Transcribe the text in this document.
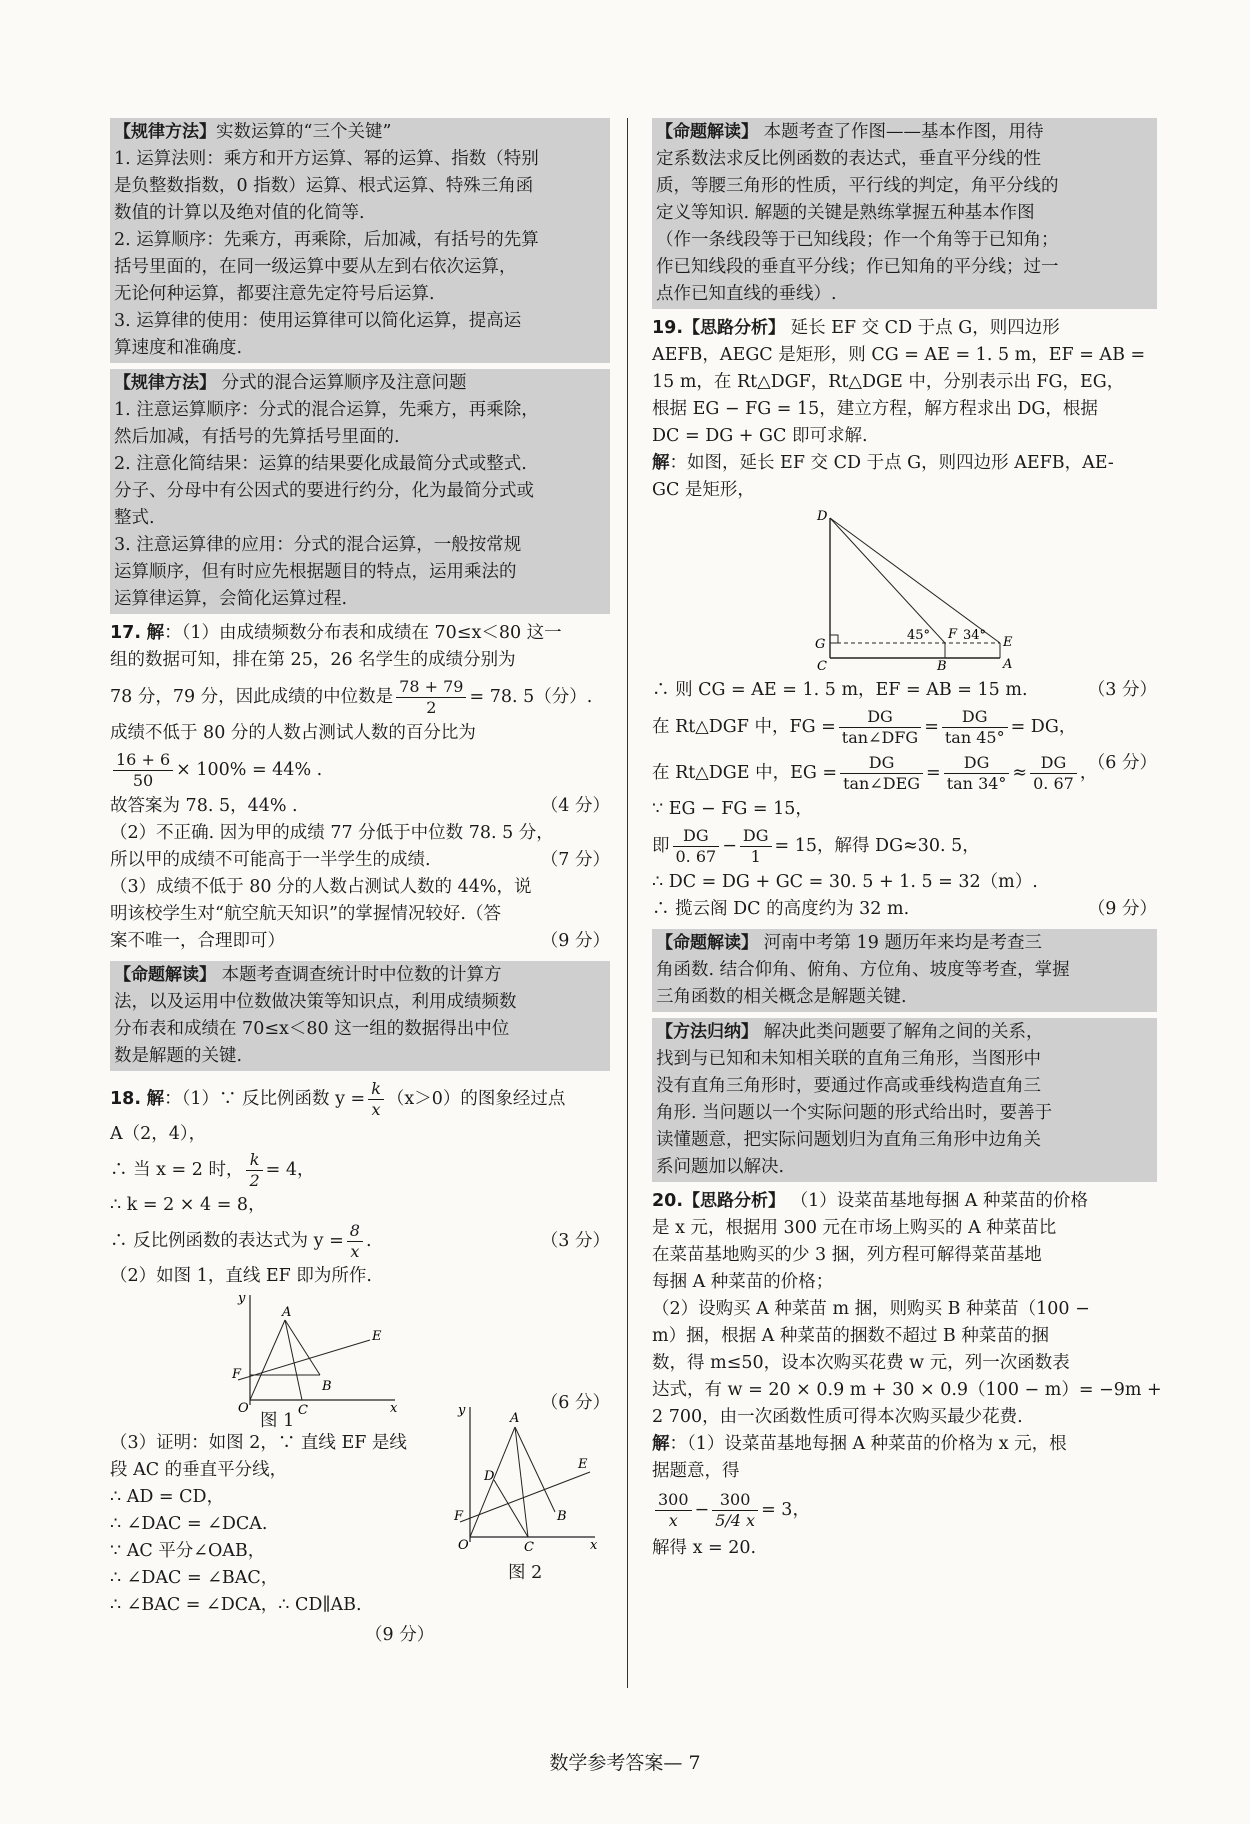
【规律方法】实数运算的“三个关键”
1. 运算法则：乘方和开方运算、幂的运算、指数（特别
是负整数指数，0 指数）运算、根式运算、特殊三角函
数值的计算以及绝对值的化简等.
2. 运算顺序：先乘方，再乘除，后加减，有括号的先算
括号里面的，在同一级运算中要从左到右依次运算，
无论何种运算，都要注意先定符号后运算.
3. 运算律的使用：使用运算律可以简化运算，提高运
算速度和准确度.
【规律方法】 分式的混合运算顺序及注意问题
1. 注意运算顺序：分式的混合运算，先乘方，再乘除，
然后加减，有括号的先算括号里面的.
2. 注意化简结果：运算的结果要化成最简分式或整式.
分子、分母中有公因式的要进行约分，化为最简分式或
整式.
3. 注意运算律的应用：分式的混合运算，一般按常规
运算顺序，但有时应先根据题目的特点，运用乘法的
运算律运算，会简化运算过程.
17. 解：（1）由成绩频数分布表和成绩在 70≤x＜80 这一
组的数据可知，排在第 25，26 名学生的成绩分别为
78 分，79 分，因此成绩的中位数是 $\frac{78 + 79}{2} = 78$. 5（分）.
成绩不低于 80 分的人数占测试人数的百分比为
$\frac{16 + 6}{50} \times 100\% = 44\%$ .
故答案为 78. 5，44% .	（4 分）
（2）不正确. 因为甲的成绩 77 分低于中位数 78. 5 分，
所以甲的成绩不可能高于一半学生的成绩.	（7 分）
（3）成绩不低于 80 分的人数占测试人数的 44%，说
明该校学生对“航空航天知识”的掌握情况较好.（答
案不唯一，合理即可）	（9 分）
【命题解读】 本题考查调查统计时中位数的计算方
法，以及运用中位数做决策等知识点，利用成绩频数
分布表和成绩在 70≤x＜80 这一组的数据得出中位
数是解题的关键.
18. 解：（1）∵ 反比例函数 $y = \frac{k}{x} (x>0)$的图象经过点
A（2，4），
∴ 当 x = 2 时， $\frac{k}{2} = 4$，
∴ k = 2 × 4 = 8，
∴ 反比例函数的表达式为 $y = \frac{8}{x}$ .	（3 分）
（2）如图 1，直线 EF 即为所作.
y
x
O
A
B
C
F
E
图 1
（6 分）
（3）证明：如图 2，∵ 直线 EF 是线
段 AC 的垂直平分线，
∴ AD = CD，
∴ ∠DAC = ∠DCA.
∵ AC 平分∠OAB，
∴ ∠DAC = ∠BAC，
∴ ∠BAC = ∠DCA，∴ CD∥AB.
y
x
O
A
B
C
D
F
E
图 2
（9 分）
【命题解读】 本题考查了作图——基本作图，用待
定系数法求反比例函数的表达式，垂直平分线的性
质，等腰三角形的性质，平行线的判定，角平分线的
定义等知识. 解题的关键是熟练掌握五种基本作图
（作一条线段等于已知线段；作一个角等于已知角；
作已知线段的垂直平分线；作已知角的平分线；过一
点作已知直线的垂线）.
19.【思路分析】 延长 EF 交 CD 于点 G，则四边形
AEFB，AEGC 是矩形，则 CG = AE = 1. 5 m，EF = AB =
15 m，在 Rt△DGF，Rt△DGE 中，分别表示出 FG，EG，
根据 EG − FG = 15，建立方程，解方程求出 DG，根据
DC = DG + GC 即可求解.
解：如图，延长 EF 交 CD 于点 G，则四边形 AEFB，AE-
GC 是矩形，
D
G
C
F
B
E
A
45°	34°
∴ 则 CG = AE = 1. 5 m，EF = AB = 15 m.	（3 分）
在 Rt△DGF 中，FG = $\frac{DG}{\text{tan∠DFG}} = \frac{DG}{\tan 45^\circ}$ = DG，
（6 分）
在 Rt△DGE 中，EG = $\frac{DG}{\text{tan∠DEG}} = \frac{DG}{\tan 34^\circ} \approx \frac{DG}{0. 67}$ ，
∵ EG − FG = 15，
即 $\frac{DG}{0. 67} - \frac{DG}{1} = 15$，解得 DG≈30. 5，
∴ DC = DG + GC = 30. 5 + 1. 5 = 32（m）.
∴ 揽云阁 DC 的高度约为 32 m.	（9 分）
【命题解读】 河南中考第 19 题历年来均是考查三
角函数. 结合仰角、俯角、方位角、坡度等考查，掌握
三角函数的相关概念是解题关键.
【方法归纳】 解决此类问题要了解角之间的关系，
找到与已知和未知相关联的直角三角形，当图形中
没有直角三角形时，要通过作高或垂线构造直角三
角形. 当问题以一个实际问题的形式给出时，要善于
读懂题意，把实际问题划归为直角三角形中边角关
系问题加以解决.
20.【思路分析】 （1）设菜苗基地每捆 A 种菜苗的价格
是 x 元，根据用 300 元在市场上购买的 A 种菜苗比
在菜苗基地购买的少 3 捆，列方程可解得菜苗基地
每捆 A 种菜苗的价格；
（2）设购买 A 种菜苗 m 捆，则购买 B 种菜苗（100 −
m）捆，根据 A 种菜苗的捆数不超过 B 种菜苗的捆
数，得 m≤50，设本次购买花费 w 元，列一次函数表
达式，有 w = 20 × 0.9 m + 30 × 0.9（100 − m）= −9m +
2 700，由一次函数性质可得本次购买最少花费.
解：（1）设菜苗基地每捆 A 种菜苗的价格为 x 元，根
据题意，得
$\frac{300}{x} - \frac{300}{5/4 x} = 3$，
解得 x = 20.
数学参考答案— 7
